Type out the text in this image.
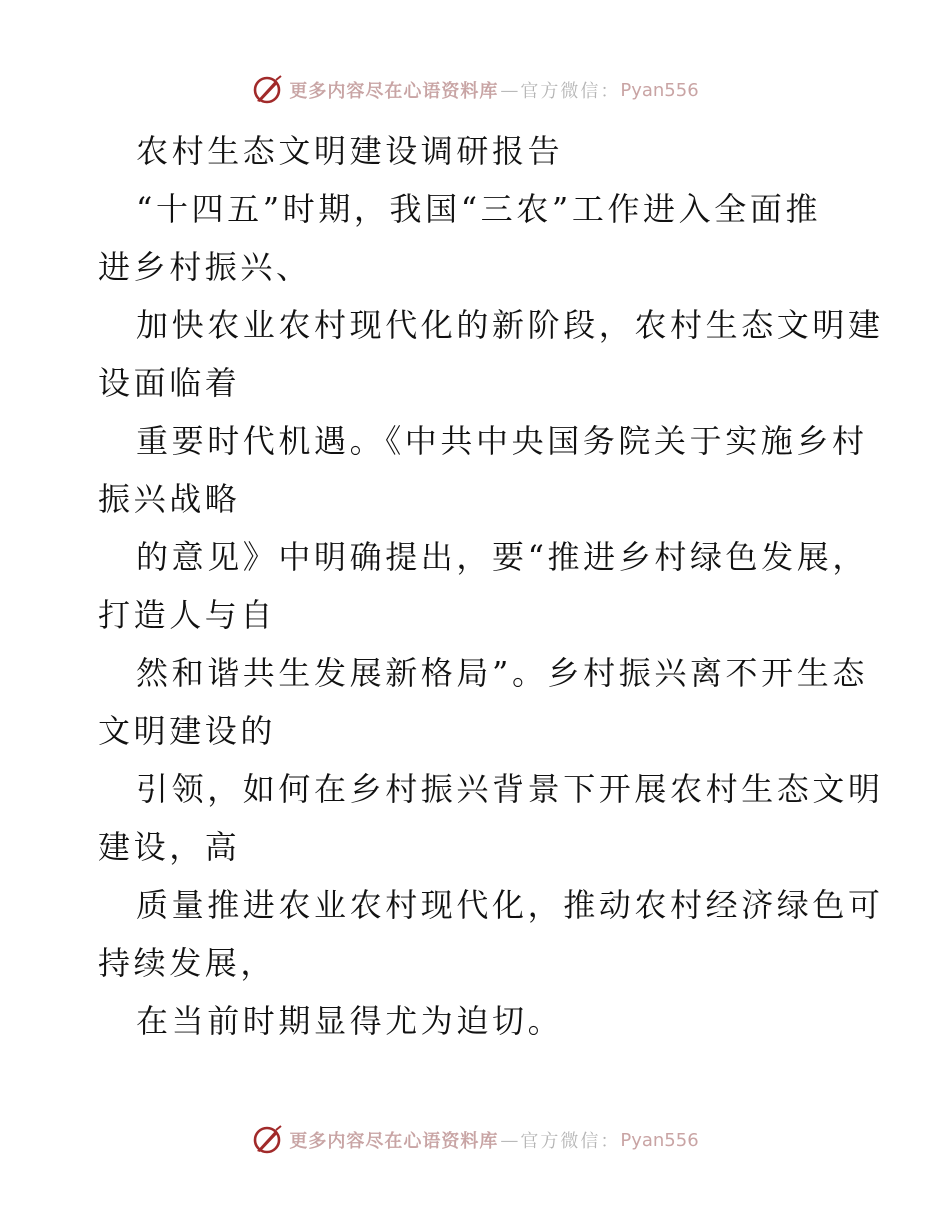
更多内容尽在心语资料库 — 官方微信： Pyan556
农村生态文明建设调研报告
“十四五”时期，我国“三农”工作进入全面推
进乡村振兴、
加快农业农村现代化的新阶段，农村生态文明建
设面临着
重要时代机遇。《中共中央国务院关于实施乡村
振兴战略
的意见》中明确提出，要“推进乡村绿色发展，
打造人与自
然和谐共生发展新格局”。乡村振兴离不开生态
文明建设的
引领，如何在乡村振兴背景下开展农村生态文明
建设，高
质量推进农业农村现代化，推动农村经济绿色可
持续发展，
在当前时期显得尤为迫切。
更多内容尽在心语资料库 — 官方微信： Pyan556
